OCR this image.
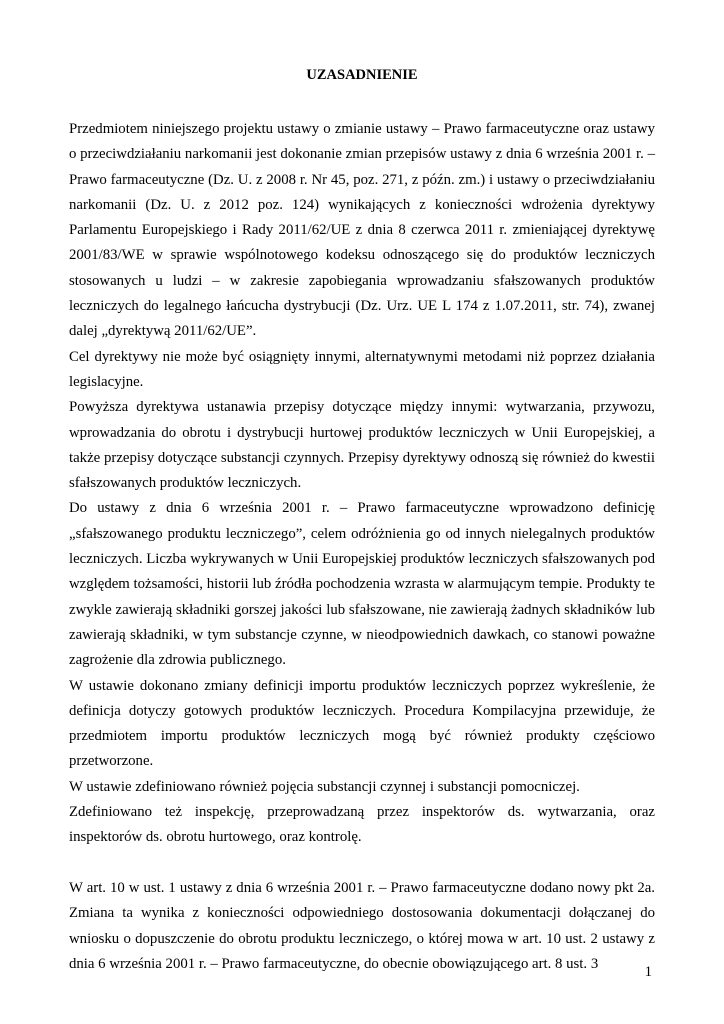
UZASADNIENIE

Przedmiotem niniejszego projektu ustawy o zmianie ustawy – Prawo farmaceutyczne oraz ustawy o przeciwdziałaniu narkomanii jest dokonanie zmian przepisów ustawy z dnia 6 września 2001 r. – Prawo farmaceutyczne (Dz. U. z 2008 r. Nr 45, poz. 271, z późn. zm.) i ustawy o przeciwdziałaniu narkomanii (Dz. U. z 2012 poz. 124) wynikających z konieczności wdrożenia dyrektywy Parlamentu Europejskiego i Rady 2011/62/UE z dnia 8 czerwca 2011 r. zmieniającej dyrektywę 2001/83/WE w sprawie wspólnotowego kodeksu odnoszącego się do produktów leczniczych stosowanych u ludzi – w zakresie zapobiegania wprowadzaniu sfałszowanych produktów leczniczych do legalnego łańcucha dystrybucji (Dz. Urz. UE L 174 z 1.07.2011, str. 74), zwanej dalej „dyrektywą 2011/62/UE”.

Cel dyrektywy nie może być osiągnięty innymi, alternatywnymi metodami niż poprzez działania legislacyjne.

Powyższa dyrektywa ustanawia przepisy dotyczące między innymi: wytwarzania, przywozu, wprowadzania do obrotu i dystrybucji hurtowej produktów leczniczych w Unii Europejskiej, a także przepisy dotyczące substancji czynnych. Przepisy dyrektywy odnoszą się również do kwestii sfałszowanych produktów leczniczych.

Do ustawy z dnia 6 września 2001 r. – Prawo farmaceutyczne wprowadzono definicję „sfałszowanego produktu leczniczego”, celem odróżnienia go od innych nielegalnych produktów leczniczych. Liczba wykrywanych w Unii Europejskiej produktów leczniczych sfałszowanych pod względem tożsamości, historii lub źródła pochodzenia wzrasta w alarmującym tempie. Produkty te zwykle zawierają składniki gorszej jakości lub sfałszowane, nie zawierają żadnych składników lub zawierają składniki, w tym substancje czynne, w nieodpowiednich dawkach, co stanowi poważne zagrożenie dla zdrowia publicznego.

W ustawie dokonano zmiany definicji importu produktów leczniczych poprzez wykreślenie, że definicja dotyczy gotowych produktów leczniczych. Procedura Kompilacyjna przewiduje, że przedmiotem importu produktów leczniczych mogą być również produkty częściowo przetworzone.

W ustawie zdefiniowano również pojęcia substancji czynnej i substancji pomocniczej.

Zdefiniowano też inspekcję, przeprowadzaną przez inspektorów ds. wytwarzania, oraz inspektorów ds. obrotu hurtowego, oraz kontrolę.

W art. 10 w ust. 1 ustawy z dnia 6 września 2001 r. – Prawo farmaceutyczne dodano nowy pkt 2a. Zmiana ta wynika z konieczności odpowiedniego dostosowania dokumentacji dołączanej do wniosku o dopuszczenie do obrotu produktu leczniczego, o której mowa w art. 10 ust. 2 ustawy z dnia 6 września 2001 r. – Prawo farmaceutyczne, do obecnie obowiązującego art. 8 ust. 3

1
